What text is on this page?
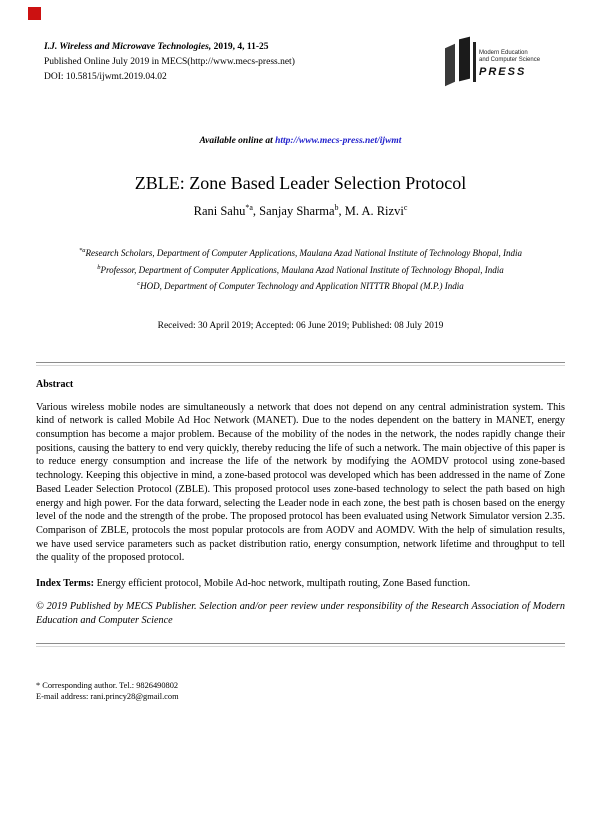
I.J. Wireless and Microwave Technologies, 2019, 4, 11-25
Published Online July 2019 in MECS(http://www.mecs-press.net)
DOI: 10.5815/ijwmt.2019.04.02
Modern Education
and Computer Science
PRESS
Available online at http://www.mecs-press.net/ijwmt
ZBLE: Zone Based Leader Selection Protocol
Rani Sahu$^{*a}$, Sanjay Sharma$^b$, M. A. Rizvi$^c$
$^{*a}$Research Scholars, Department of Computer Applications, Maulana Azad National Institute of Technology Bhopal, India
$^b$Professor, Department of Computer Applications, Maulana Azad National Institute of Technology Bhopal, India
$^c$HOD, Department of Computer Technology and Application NITTTR Bhopal (M.P.) India
Received: 30 April 2019; Accepted: 06 June 2019; Published: 08 July 2019
Abstract
Various wireless mobile nodes are simultaneously a network that does not depend on any central administration system. This kind of network is called Mobile Ad Hoc Network (MANET). Due to the nodes dependent on the battery in MANET, energy consumption has become a major problem. Because of the mobility of the nodes in the network, the nodes rapidly change their positions, causing the battery to end very quickly, thereby reducing the life of such a network. The main objective of this paper is to reduce energy consumption and increase the life of the network by modifying the AOMDV protocol using zone-based technology. Keeping this objective in mind, a zone-based protocol was developed which has been addressed in the name of Zone Based Leader Selection Protocol (ZBLE). This proposed protocol uses zone-based technology to select the path based on high energy and high power. For the data forward, selecting the Leader node in each zone, the best path is chosen based on the energy level of the node and the strength of the probe. The proposed protocol has been evaluated using Network Simulator version 2.35. Comparison of ZBLE, protocols the most popular protocols are from AODV and AOMDV. With the help of simulation results, we have used service parameters such as packet distribution ratio, energy consumption, network lifetime and throughput to tell the quality of the proposed protocol.
Index Terms: Energy efficient protocol, Mobile Ad-hoc network, multipath routing, Zone Based function.
© 2019 Published by MECS Publisher. Selection and/or peer review under responsibility of the Research Association of Modern Education and Computer Science
* Corresponding author. Tel.: 9826490802
E-mail address: rani.princy28@gmail.com
